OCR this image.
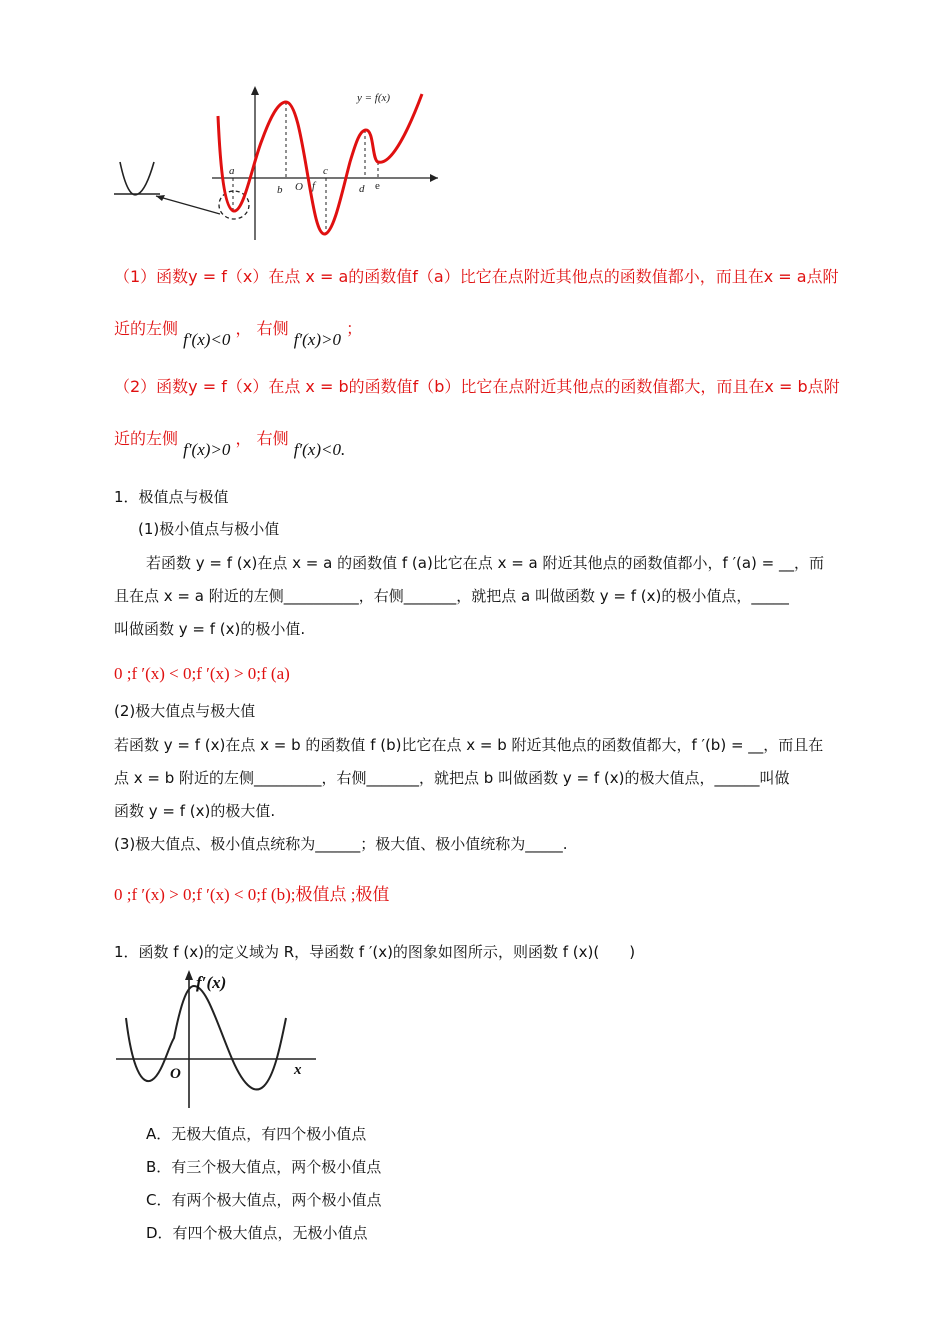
y = f(x)
a
b O
c
f	d e
（1）函数y = f（x）在点 x = a的函数值f（a）比它在点附近其他点的函数值都小，而且在x = a点附
近的左侧 f′(x)<0 ， 右侧 f′(x)>0 ；
（2）函数y = f（x）在点 x = b的函数值f（b）比它在点附近其他点的函数值都大，而且在x = b点附
近的左侧 f′(x)>0 ， 右侧 f′(x)<0.
1．极值点与极值
(1)极小值点与极小值
若函数 y = f (x)在点 x = a 的函数值 f (a)比它在点 x = a 附近其他点的函数值都小，f ′(a) = __，而
且在点 x = a 附近的左侧__________，右侧_______，就把点 a 叫做函数 y = f (x)的极小值点，_____
叫做函数 y = f (x)的极小值.
0 ;f ′(x) < 0;f ′(x) > 0;f (a)
(2)极大值点与极大值
若函数 y = f (x)在点 x = b 的函数值 f (b)比它在点 x = b 附近其他点的函数值都大，f ′(b) = __，而且在
点 x = b 附近的左侧_________，右侧_______，就把点 b 叫做函数 y = f (x)的极大值点，______叫做
函数 y = f (x)的极大值.
(3)极大值点、极小值点统称为______；极大值、极小值统称为_____.
0 ;f ′(x) > 0;f ′(x) < 0;f (b);极值点 ;极值
1．函数 f (x)的定义域为 R，导函数 f ′(x)的图象如图所示，则函数 f (x)(　　)
f′(x)
O	x
A．无极大值点，有四个极小值点
B．有三个极大值点，两个极小值点
C．有两个极大值点，两个极小值点
D．有四个极大值点，无极小值点
